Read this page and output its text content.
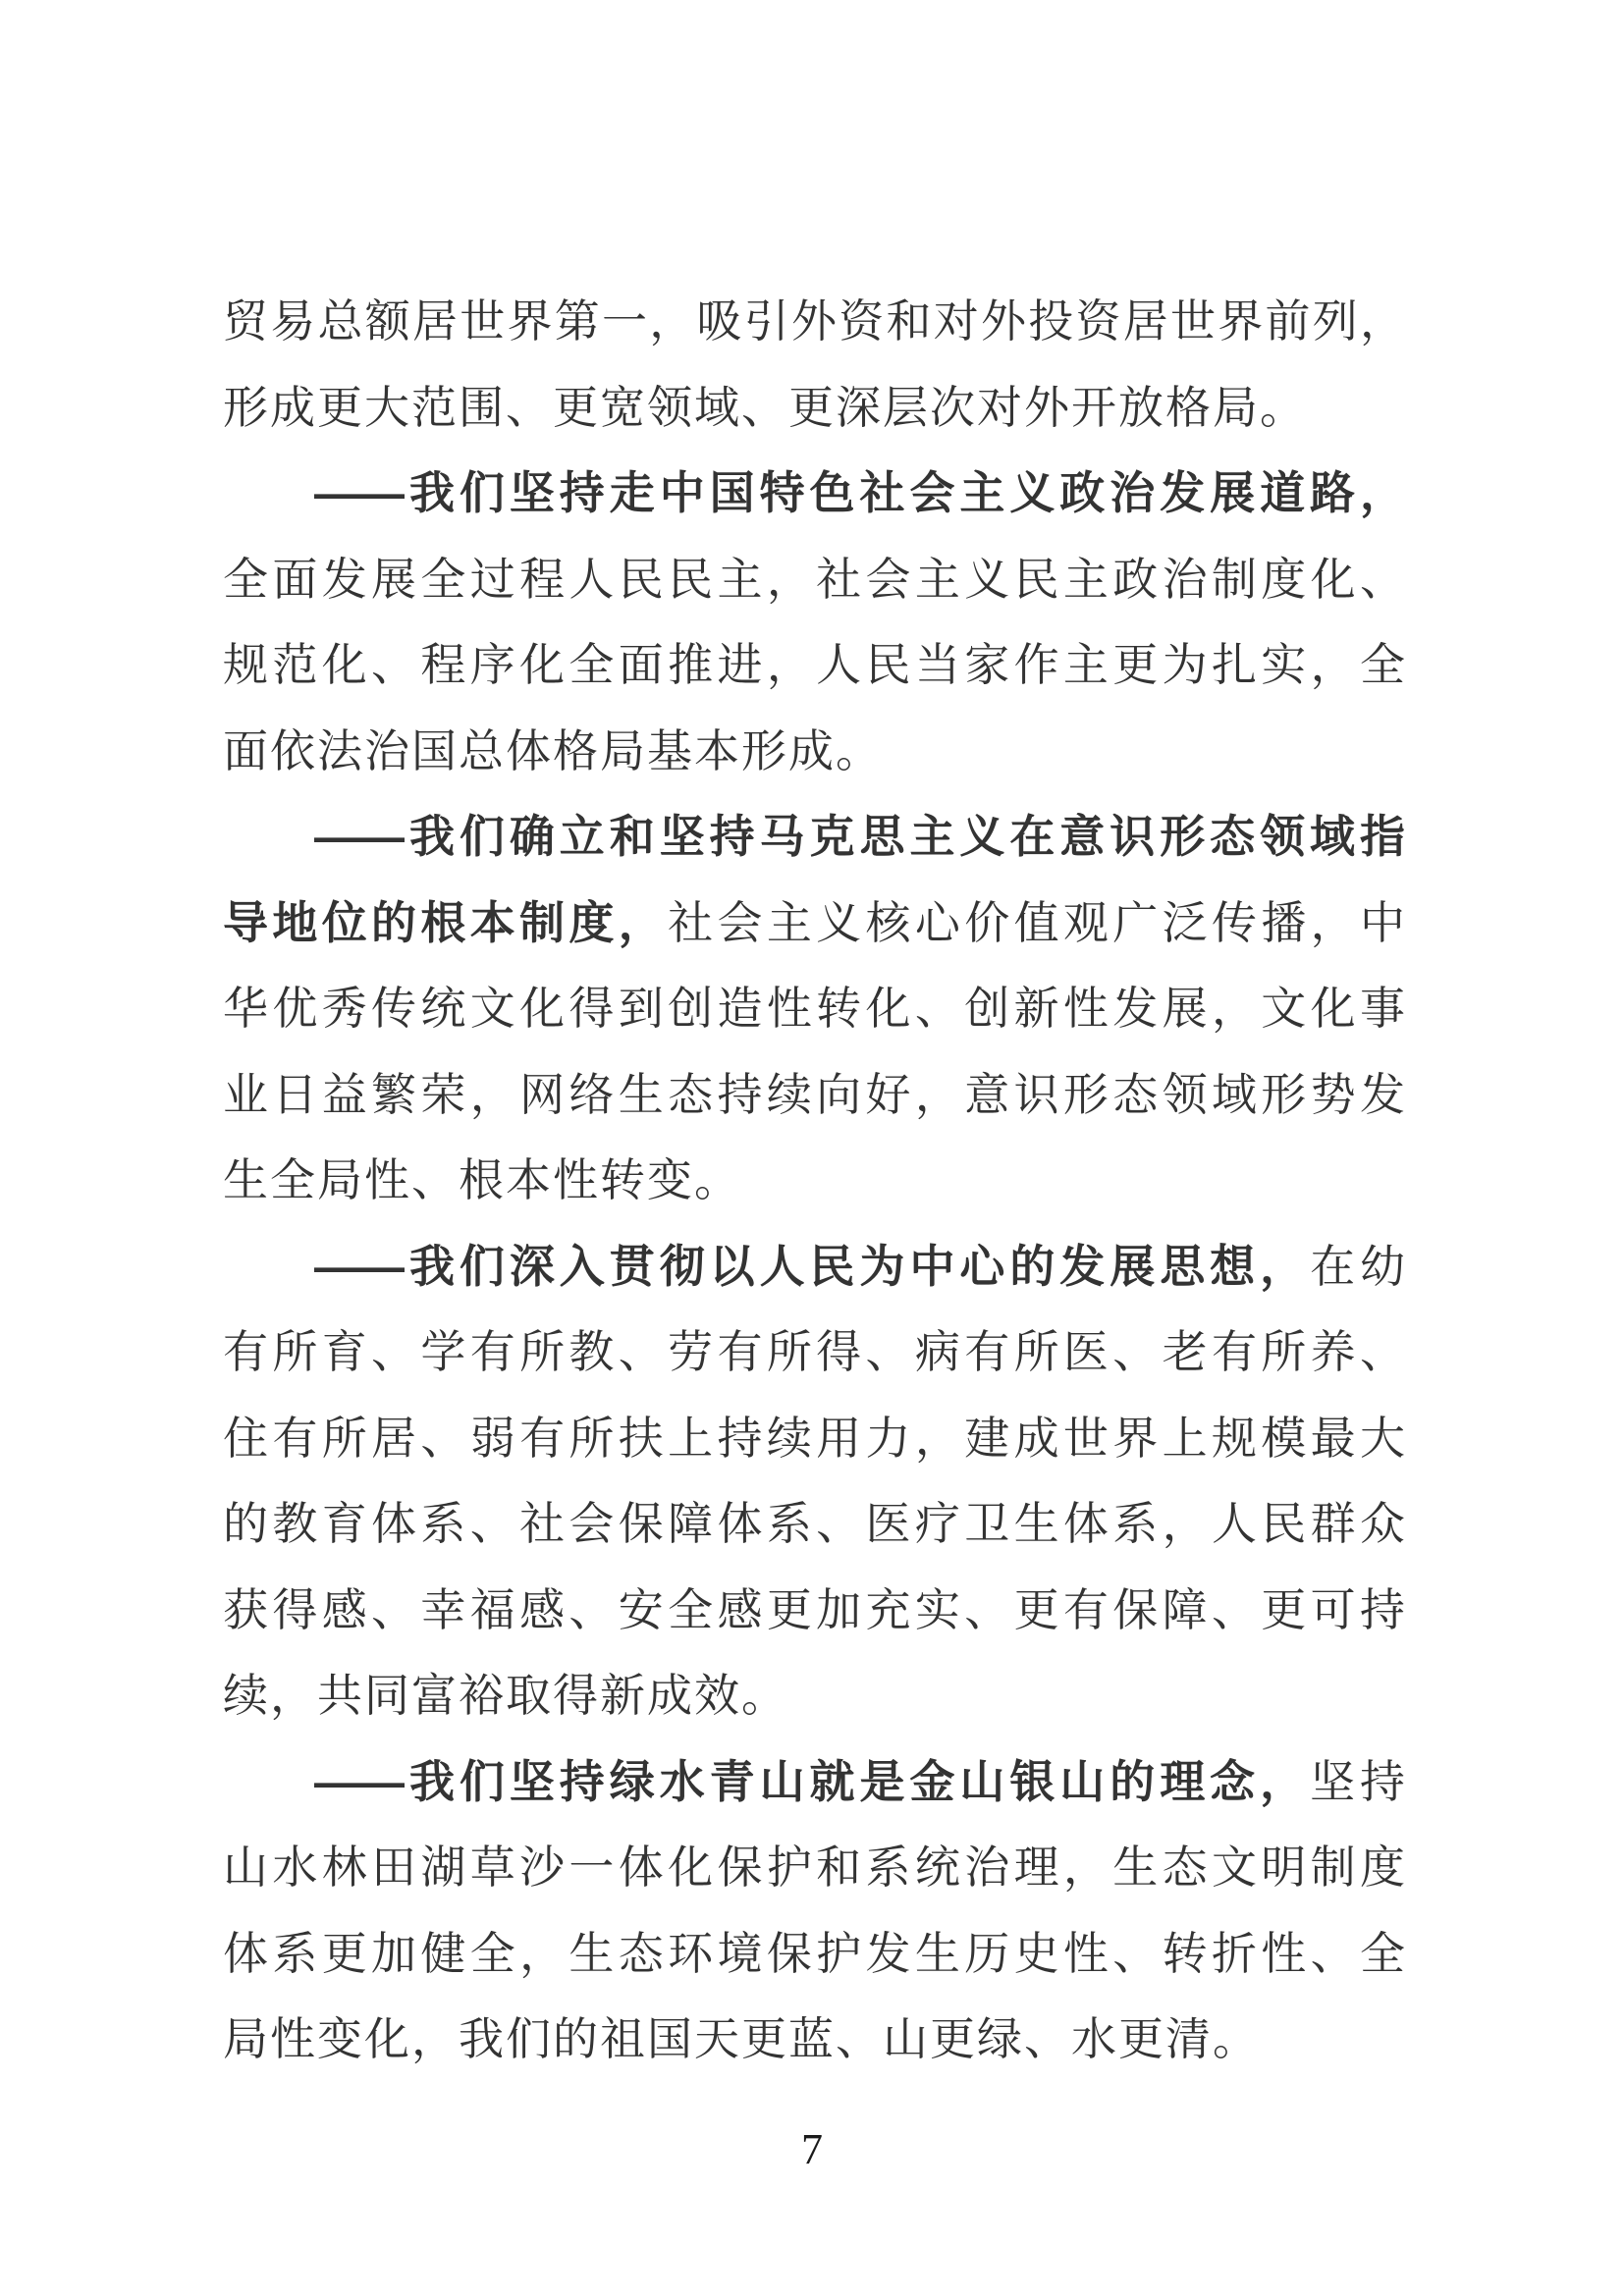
贸易总额居世界第一，吸引外资和对外投资居世界前列，
形成更大范围、更宽领域、更深层次对外开放格局。
——我们坚持走中国特色社会主义政治发展道路，
全面发展全过程人民民主，社会主义民主政治制度化、
规范化、程序化全面推进，人民当家作主更为扎实，全
面依法治国总体格局基本形成。
——我们确立和坚持马克思主义在意识形态领域指
导地位的根本制度，社会主义核心价值观广泛传播，中
华优秀传统文化得到创造性转化、创新性发展，文化事
业日益繁荣，网络生态持续向好，意识形态领域形势发
生全局性、根本性转变。
——我们深入贯彻以人民为中心的发展思想，在幼
有所育、学有所教、劳有所得、病有所医、老有所养、
住有所居、弱有所扶上持续用力，建成世界上规模最大
的教育体系、社会保障体系、医疗卫生体系，人民群众
获得感、幸福感、安全感更加充实、更有保障、更可持
续，共同富裕取得新成效。
——我们坚持绿水青山就是金山银山的理念，坚持
山水林田湖草沙一体化保护和系统治理，生态文明制度
体系更加健全，生态环境保护发生历史性、转折性、全
局性变化，我们的祖国天更蓝、山更绿、水更清。
7
